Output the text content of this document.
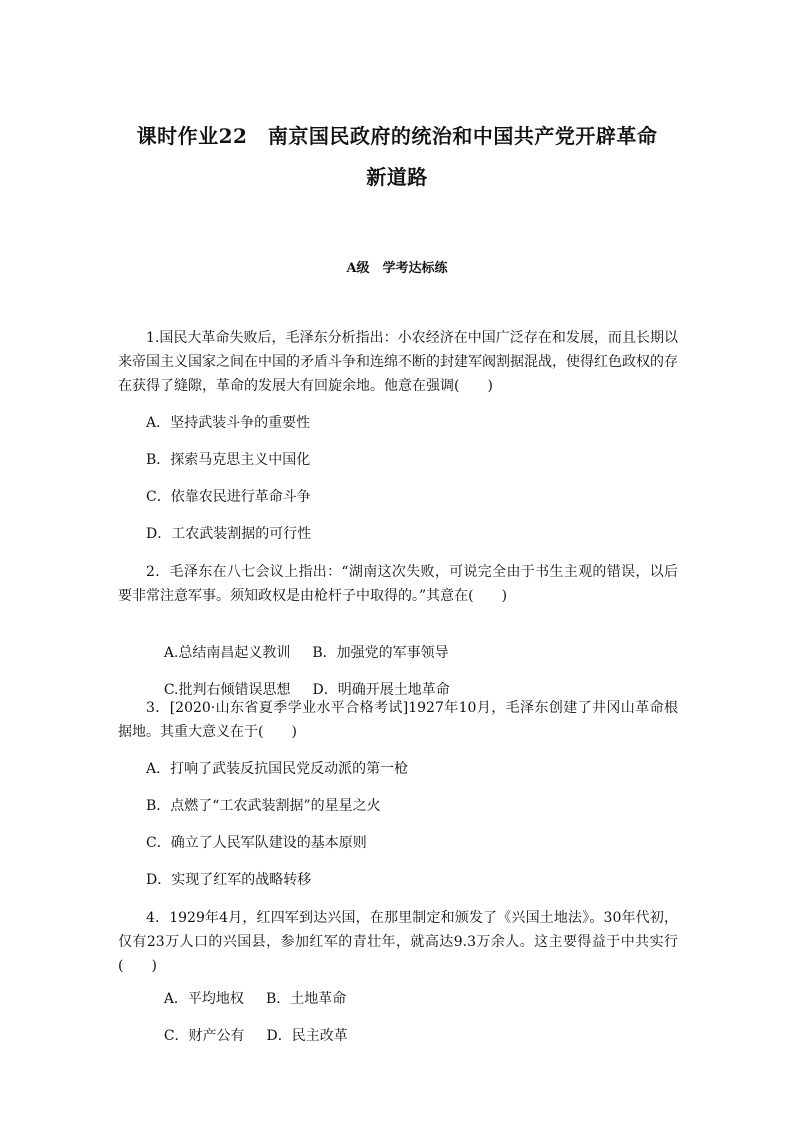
课时作业22　南京国民政府的统治和中国共产党开辟革命
新道路
A级　学考达标练
1.国民大革命失败后，毛泽东分析指出：小农经济在中国广泛存在和发展，而且长期以来帝国主义国家之间在中国的矛盾斗争和连绵不断的封建军阀割据混战，使得红色政权的存在获得了缝隙，革命的发展大有回旋余地。他意在强调(　　)
A．坚持武装斗争的重要性
B．探索马克思主义中国化
C．依靠农民进行革命斗争
D．工农武装割据的可行性
2．毛泽东在八七会议上指出：“湖南这次失败，可说完全由于书生主观的错误，以后要非常注意军事。须知政权是由枪杆子中取得的。”其意在(　　)

A.总结南昌起义教训 B．加强党的军事领导

C.批判右倾错误思想 D．明确开展土地革命

3．[2020·山东省夏季学业水平合格考试]1927年10月，毛泽东创建了井冈山革命根据地。其重大意义在于(　　)
A．打响了武装反抗国民党反动派的第一枪
B．点燃了“工农武装割据”的星星之火
C．确立了人民军队建设的基本原则
D．实现了红军的战略转移
4．1929年4月，红四军到达兴国，在那里制定和颁发了《兴国土地法》。30年代初，仅有23万人口的兴国县，参加红军的青壮年，就高达9.3万余人。这主要得益于中共实行(　　)

A．平均地权 B．土地革命

C．财产公有 D．民主改革
